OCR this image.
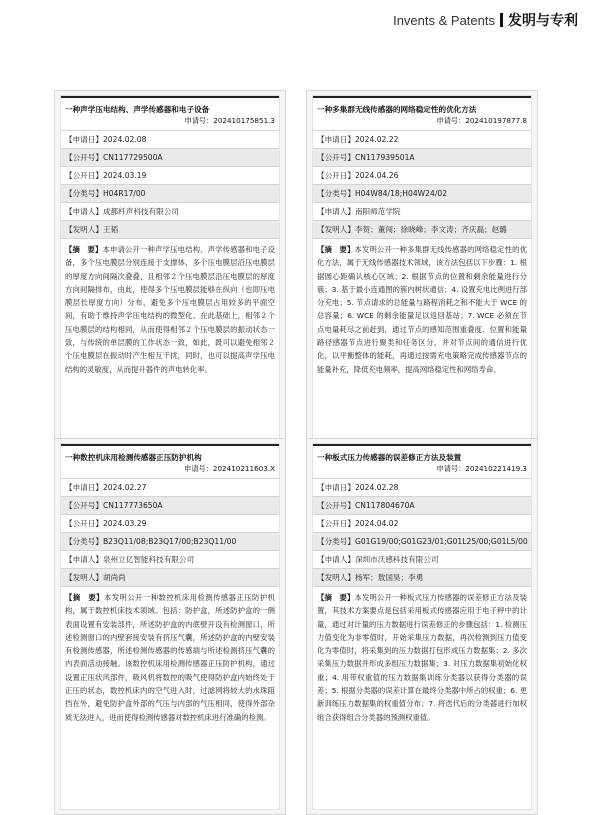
Invents & Patents 发明与专利
一种声学压电结构、声学传感器和电子设备
申请号：202410175851.3
【申请日】2024.02.08
【公开号】CN117729500A
【公开日】2024.03.19
【分类号】H04R17/00
【申请人】成都纤声科技有限公司
【发明人】王韬
【摘　要】本申请公开一种声学压电结构、声学传感器和电子设备，多个压电膜层分别连接于支撑体，多个压电膜层沿压电膜层的厚度方向间隔次叠叠，且相邻２个压电膜层沿压电膜层的厚度方向间隔排布，由此，使得多个压电膜层能够在纵向（也即压电膜层长厚度方向）分布，避免多个压电膜层占用较多的平面空间，有助于维持声学压电结构的微型化。在此基础上，相邻２个压电膜层的结构相同，从而使得相邻２个压电膜层的振动状态一致，与传统的单层膜的工作状态一致，如此，既可以避免相邻２个压电膜层在振动时产生相互干扰，同时，也可以提高声学压电结构的灵敏度，从而提升器件的声电转化率。
一种多集群无线传感器的网络稳定性的优化方法
申请号：202410197877.8
【申请日】2024.02.22
【公开号】CN117939501A
【公开日】2024.04.26
【分类号】H04W84/18;H04W24/02
【申请人】南阳师范学院
【发明人】李贺；董闯；徐晓峰；李文涛；齐庆磊；赵璐
【摘　要】本发明公开一种多集群无线传感器的网络稳定性的优化方法，属于无线传感器技术领域，该方法包括以下步骤：1. 根据圆心距确认核心区域；2. 根据节点的位置和剩余能量进行分簇；3. 基于最小连通图的簇内树状通信；4. 设置充电比例进行部分充电；5. 节点请求的总能量与路程消耗之和不能大于 WCE 的总容量；6. WCE 的剩余能量足以返回基站；7. WCE 必须在节点电量耗尽之前赶到，通过节点的感知范围重叠度、位置和能量路径感器节点进行聚类和任务区分，并对节点间的通信进行优化，以平衡整体的能耗，再通过按需充电策略完成传感器节点的能量补充，降低充电频率，提高网络稳定性和网络寿命。
一种数控机床用检测传感器正压防护机构
申请号：202410211603.X
【申请日】2024.02.27
【公开号】CN117773650A
【公开日】2024.03.29
【分类号】B23Q11/08;B23Q17/00;B23Q11/00
【申请人】泉州立亿智能科技有限公司
【发明人】胡尚尚
【摘　要】本发明公开一种数控机床用检测传感器正压防护机构，属于数控机床技术领域。包括：防护盒，所述防护盒的一侧表面设置有安装部件，所述防护盒的内底壁开设有检测窗口，所述检测窗口的内壁套接安装有挤压气囊，所述防护盒的内壁安装有检测传感器，所述检测传感器的传感端与所述检测挤压气囊的内表面活动接触。该数控机床用检测传感器正压防护机构，通过设置正压状风部件，吸风机将数控的吸气使得防护盒内始终处于正压的状态，数控机床内的空气进入时，过滤网将较大的水珠阻挡在外，避免防护盒外部的气压与内部的气压相同，使得外部杂质无法进入，进而使得检测传感器对数控机床进行准确的检测。
一种板式压力传感器的误差修正方法及装置
申请号：202410221419.3
【申请日】2024.02.28
【公开号】CN117804670A
【公开日】2024.04.02
【分类号】G01G19/00;G01G23/01;G01L25/00;G01L5/00
【申请人】深圳市沃感科技有限公司
【发明人】杨军；敖国昊；李勇
【摘　要】本发明公开一种板式压力传感器的误差修正方法及装置，其技术方案要点是包括采用板式传感器应用于电子秤中的计量，通过对计量的压力数据进行误差修正的步骤包括：1. 检测压力值变化为非零值时，开始采集压力数据，再次检测到压力值变化为零值时，将采集到的压力数据打包形成压力数据集；2. 多次采集压力数据并形成多组压力数据集；3. 对压力数据集初始化权重；4. 用带权重值的压力数据集训练分类器以获得分类器的误差；5. 根据分类器的误差计算在最终分类器中所占的权重；6. 更新训练压力数据集的权重值分布；7. 将迭代后的分类器进行加权组合获得组合分类器的预测权重值。
